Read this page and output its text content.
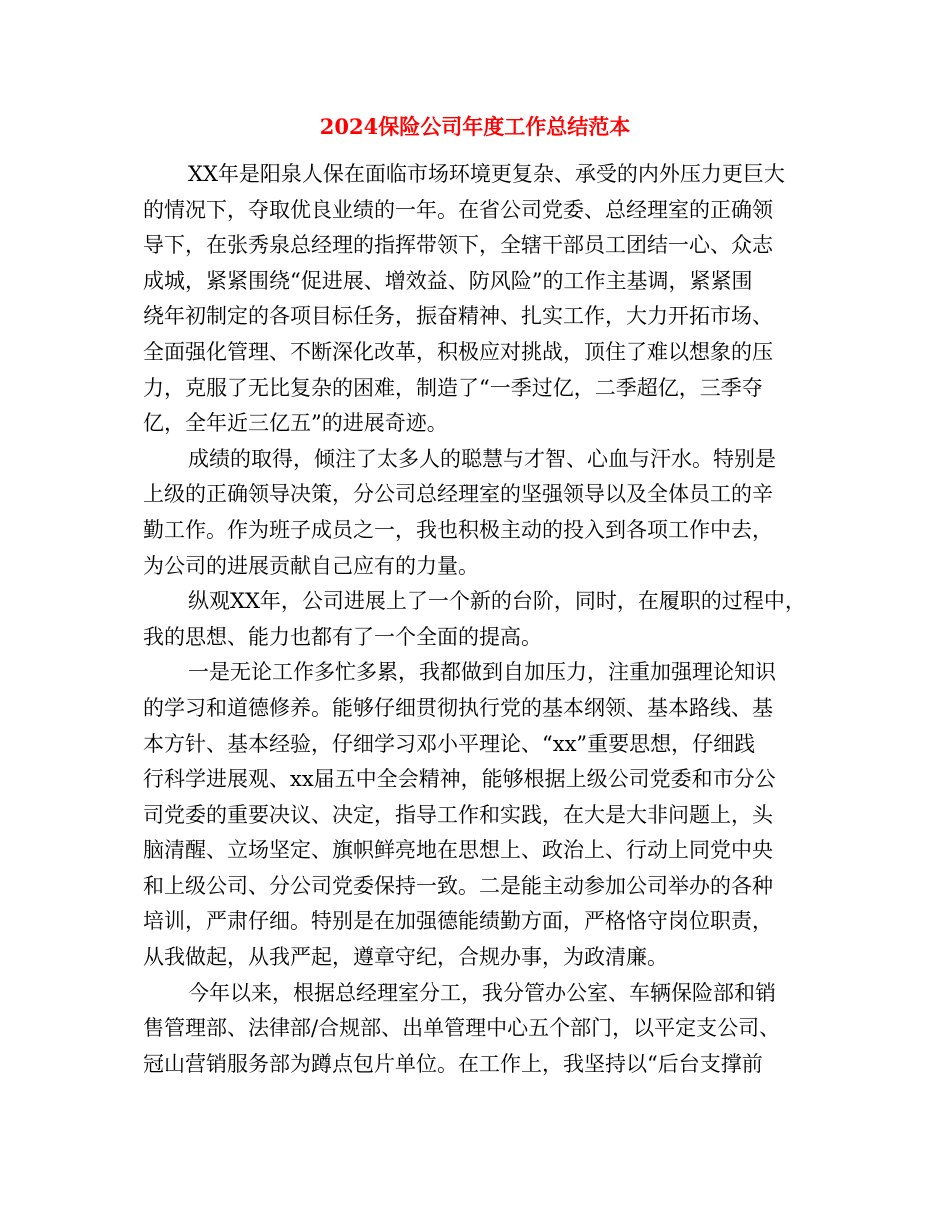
2024保险公司年度工作总结范本

XX年是阳泉人保在面临市场环境更复杂、承受的内外压力更巨大
的情况下，夺取优良业绩的一年。在省公司党委、总经理室的正确领
导下，在张秀泉总经理的指挥带领下，全辖干部员工团结一心、众志
成城，紧紧围绕“促进展、增效益、防风险”的工作主基调，紧紧围
绕年初制定的各项目标任务，振奋精神、扎实工作，大力开拓市场、
全面强化管理、不断深化改革，积极应对挑战，顶住了难以想象的压
力，克服了无比复杂的困难，制造了“一季过亿，二季超亿，三季夺
亿，全年近三亿五”的进展奇迹。

成绩的取得，倾注了太多人的聪慧与才智、心血与汗水。特别是
上级的正确领导决策，分公司总经理室的坚强领导以及全体员工的辛
勤工作。作为班子成员之一，我也积极主动的投入到各项工作中去，
为公司的进展贡献自己应有的力量。

纵观XX年，公司进展上了一个新的台阶，同时，在履职的过程中，
我的思想、能力也都有了一个全面的提高。

一是无论工作多忙多累，我都做到自加压力，注重加强理论知识
的学习和道德修养。能够仔细贯彻执行党的基本纲领、基本路线、基
本方针、基本经验，仔细学习邓小平理论、“xx”重要思想，仔细践
行科学进展观、xx届五中全会精神，能够根据上级公司党委和市分公
司党委的重要决议、决定，指导工作和实践，在大是大非问题上，头
脑清醒、立场坚定、旗帜鲜亮地在思想上、政治上、行动上同党中央
和上级公司、分公司党委保持一致。二是能主动参加公司举办的各种
培训，严肃仔细。特别是在加强德能绩勤方面，严格恪守岗位职责，
从我做起，从我严起，遵章守纪，合规办事，为政清廉。

今年以来，根据总经理室分工，我分管办公室、车辆保险部和销
售管理部、法律部/合规部、出单管理中心五个部门，以平定支公司、
冠山营销服务部为蹲点包片单位。在工作上，我坚持以“后台支撑前
